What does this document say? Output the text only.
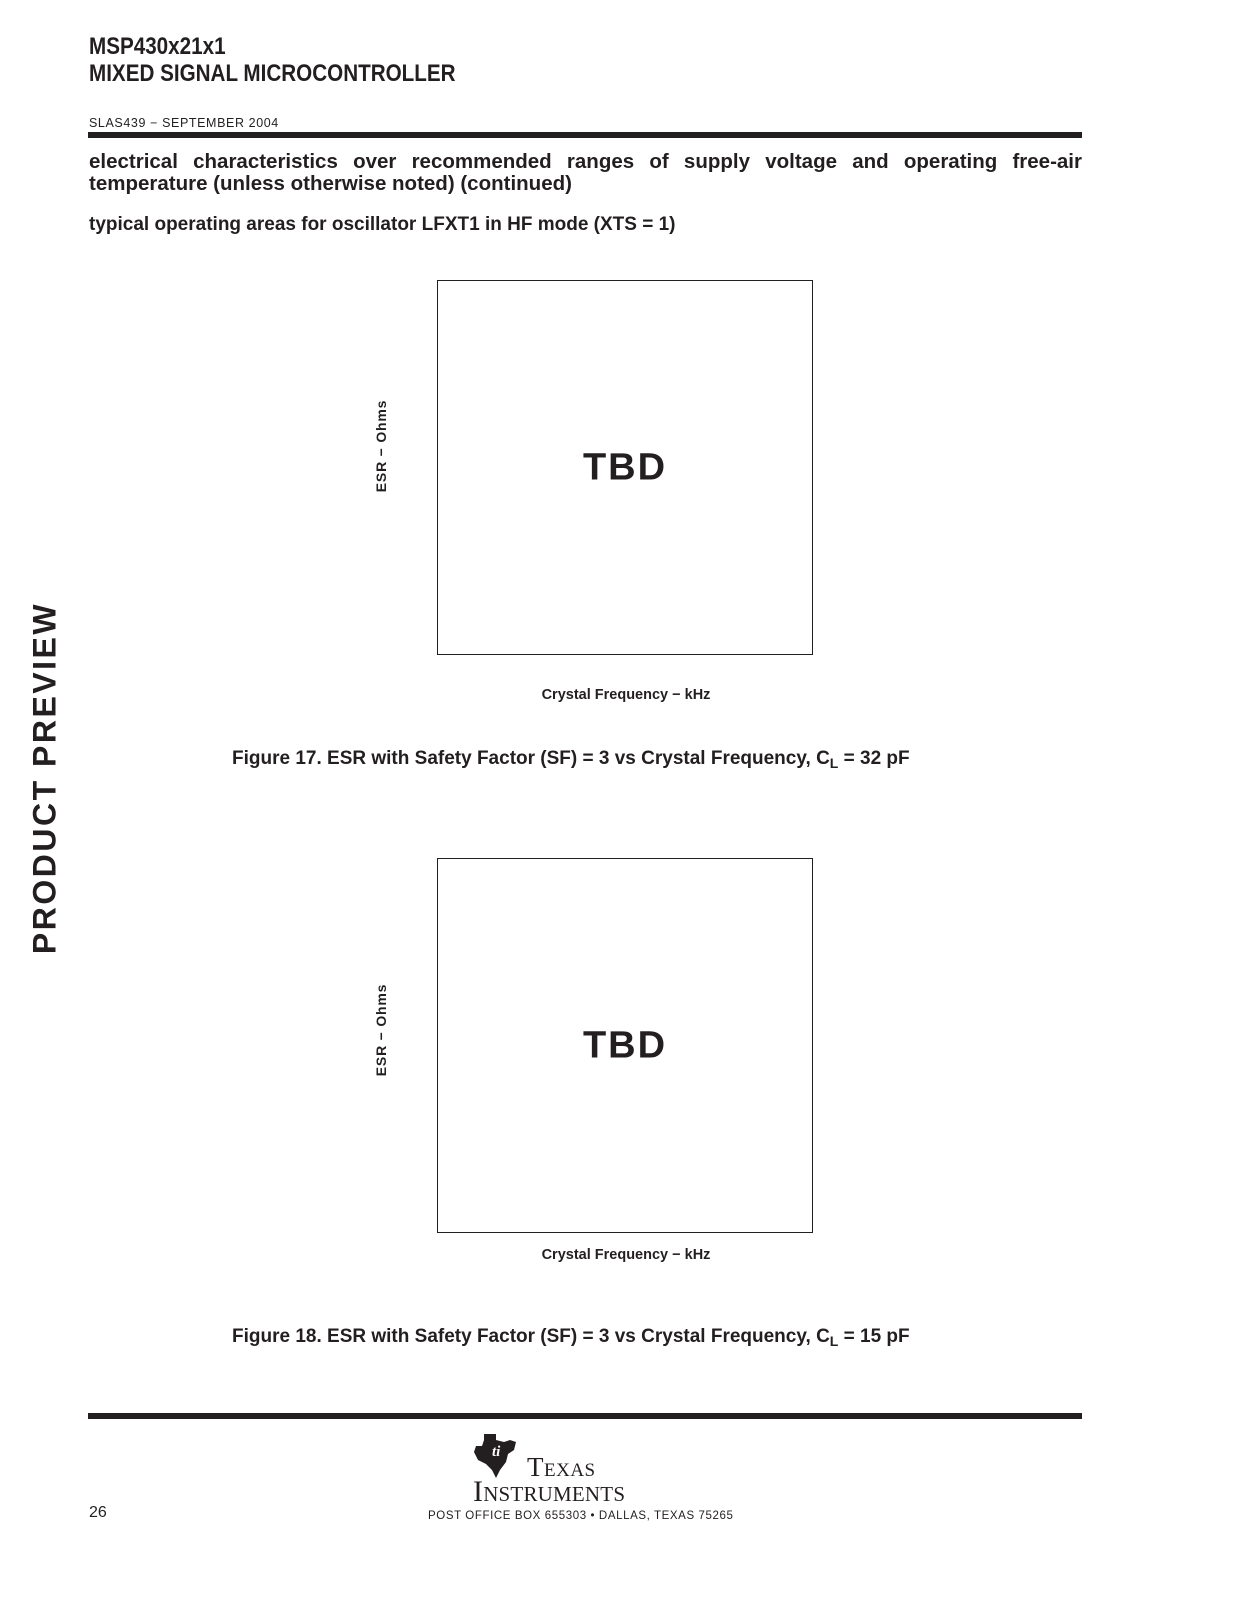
MSP430x21x1
MIXED SIGNAL MICROCONTROLLER
SLAS439 − SEPTEMBER 2004
electrical characteristics over recommended ranges of supply voltage and operating free-air temperature (unless otherwise noted) (continued)
typical operating areas for oscillator LFXT1 in HF mode (XTS = 1)
PRODUCT PREVIEW
TBD
ESR − Ohms
Crystal Frequency − kHz
Figure 17. ESR with Safety Factor (SF) = 3 vs Crystal Frequency, $C_L = 32$ pF
TBD
ESR − Ohms
Crystal Frequency − kHz
Figure 18. ESR with Safety Factor (SF) = 3 vs Crystal Frequency, $C_L = 15$ pF
ti Texas
Instruments
POST OFFICE BOX 655303 • DALLAS, TEXAS 75265
26
